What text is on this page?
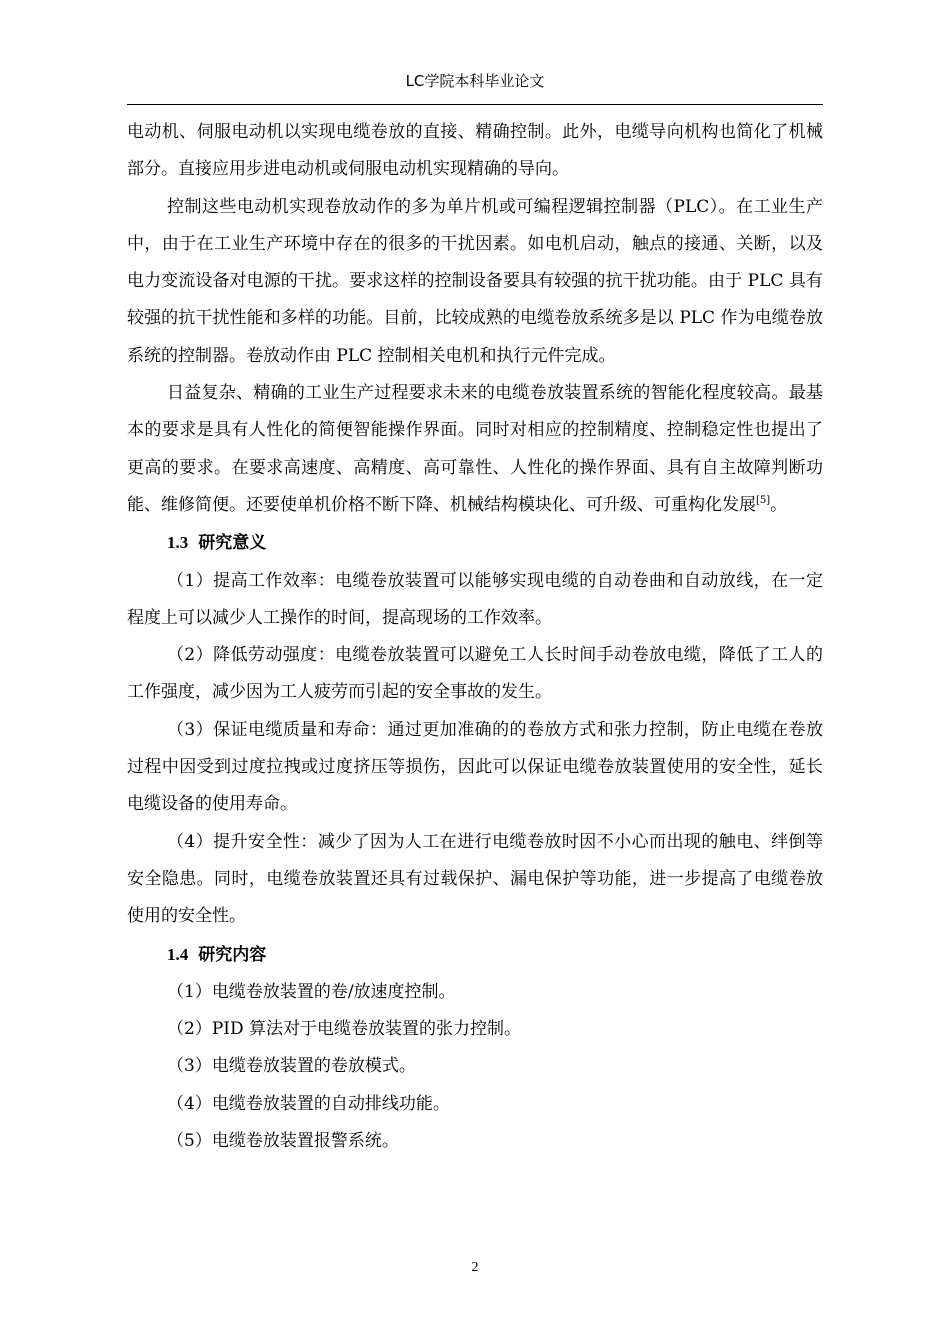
LC学院本科毕业论文

电动机、伺服电动机以实现电缆卷放的直接、精确控制。此外，电缆导向机构也简化了机械部分。直接应用步进电动机或伺服电动机实现精确的导向。

控制这些电动机实现卷放动作的多为单片机或可编程逻辑控制器（PLC）。在工业生产中，由于在工业生产环境中存在的很多的干扰因素。如电机启动，触点的接通、关断，以及电力变流设备对电源的干扰。要求这样的控制设备要具有较强的抗干扰功能。由于 PLC 具有较强的抗干扰性能和多样的功能。目前，比较成熟的电缆卷放系统多是以 PLC 作为电缆卷放系统的控制器。卷放动作由 PLC 控制相关电机和执行元件完成。

日益复杂、精确的工业生产过程要求未来的电缆卷放装置系统的智能化程度较高。最基本的要求是具有人性化的简便智能操作界面。同时对相应的控制精度、控制稳定性也提出了更高的要求。在要求高速度、高精度、高可靠性、人性化的操作界面、具有自主故障判断功能、维修简便。还要使单机价格不断下降、机械结构模块化、可升级、可重构化发展[5]。

1.3 研究意义

（1）提高工作效率：电缆卷放装置可以能够实现电缆的自动卷曲和自动放线，在一定程度上可以减少人工操作的时间，提高现场的工作效率。

（2）降低劳动强度：电缆卷放装置可以避免工人长时间手动卷放电缆，降低了工人的工作强度，减少因为工人疲劳而引起的安全事故的发生。

（3）保证电缆质量和寿命：通过更加准确的的卷放方式和张力控制，防止电缆在卷放过程中因受到过度拉拽或过度挤压等损伤，因此可以保证电缆卷放装置使用的安全性，延长电缆设备的使用寿命。

（4）提升安全性：减少了因为人工在进行电缆卷放时因不小心而出现的触电、绊倒等安全隐患。同时，电缆卷放装置还具有过载保护、漏电保护等功能，进一步提高了电缆卷放使用的安全性。

1.4 研究内容

（1）电缆卷放装置的卷/放速度控制。

（2）PID 算法对于电缆卷放装置的张力控制。

（3）电缆卷放装置的卷放模式。

（4）电缆卷放装置的自动排线功能。

（5）电缆卷放装置报警系统。

2
